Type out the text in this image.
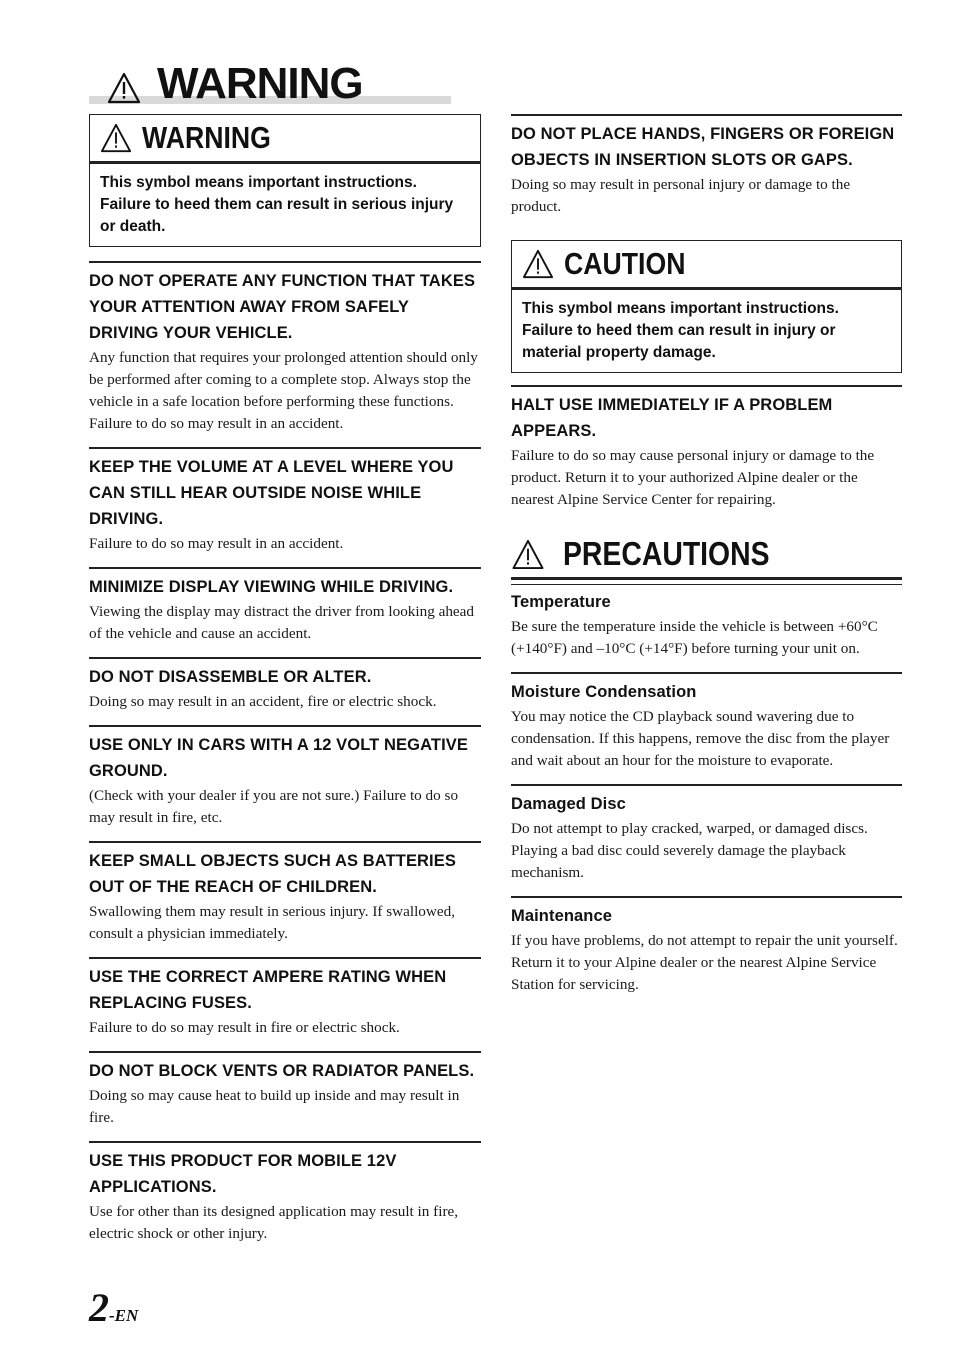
WARNING
WARNING
This symbol means important instructions. Failure to heed them can result in serious injury or death.
DO NOT OPERATE ANY FUNCTION THAT TAKES YOUR ATTENTION AWAY FROM SAFELY DRIVING YOUR VEHICLE.
Any function that requires your prolonged attention should only be performed after coming to a complete stop. Always stop the vehicle in a safe location before performing these functions. Failure to do so may result in an accident.
KEEP THE VOLUME AT A LEVEL WHERE YOU CAN STILL HEAR OUTSIDE NOISE WHILE DRIVING.
Failure to do so may result in an accident.
MINIMIZE DISPLAY VIEWING WHILE DRIVING.
Viewing the display may distract the driver from looking ahead of the vehicle and cause an accident.
DO NOT DISASSEMBLE OR ALTER.
Doing so may result in an accident, fire or electric shock.
USE ONLY IN CARS WITH A 12 VOLT NEGATIVE GROUND.
(Check with your dealer if you are not sure.) Failure to do so may result in fire, etc.
KEEP SMALL OBJECTS SUCH AS BATTERIES OUT OF THE REACH OF CHILDREN.
Swallowing them may result in serious injury. If swallowed, consult a physician immediately.
USE THE CORRECT AMPERE RATING WHEN REPLACING FUSES.
Failure to do so may result in fire or electric shock.
DO NOT BLOCK VENTS OR RADIATOR PANELS.
Doing so may cause heat to build up inside and may result in fire.
USE THIS PRODUCT FOR MOBILE 12V APPLICATIONS.
Use for other than its designed application may result in fire, electric shock or other injury.
DO NOT PLACE HANDS, FINGERS OR FOREIGN OBJECTS IN INSERTION SLOTS OR GAPS.
Doing so may result in personal injury or damage to the product.
CAUTION
This symbol means important instructions. Failure to heed them can result in injury or material property damage.
HALT USE IMMEDIATELY IF A PROBLEM APPEARS.
Failure to do so may cause personal injury or damage to the product. Return it to your authorized Alpine dealer or the nearest Alpine Service Center for repairing.
PRECAUTIONS
Temperature
Be sure the temperature inside the vehicle is between +60°C (+140°F) and –10°C (+14°F) before turning your unit on.
Moisture Condensation
You may notice the CD playback sound wavering due to condensation. If this happens, remove the disc from the player and wait about an hour for the moisture to evaporate.
Damaged Disc
Do not attempt to play cracked, warped, or damaged discs. Playing a bad disc could severely damage the playback mechanism.
Maintenance
If you have problems, do not attempt to repair the unit yourself. Return it to your Alpine dealer or the nearest Alpine Service Station for servicing.
2-EN
